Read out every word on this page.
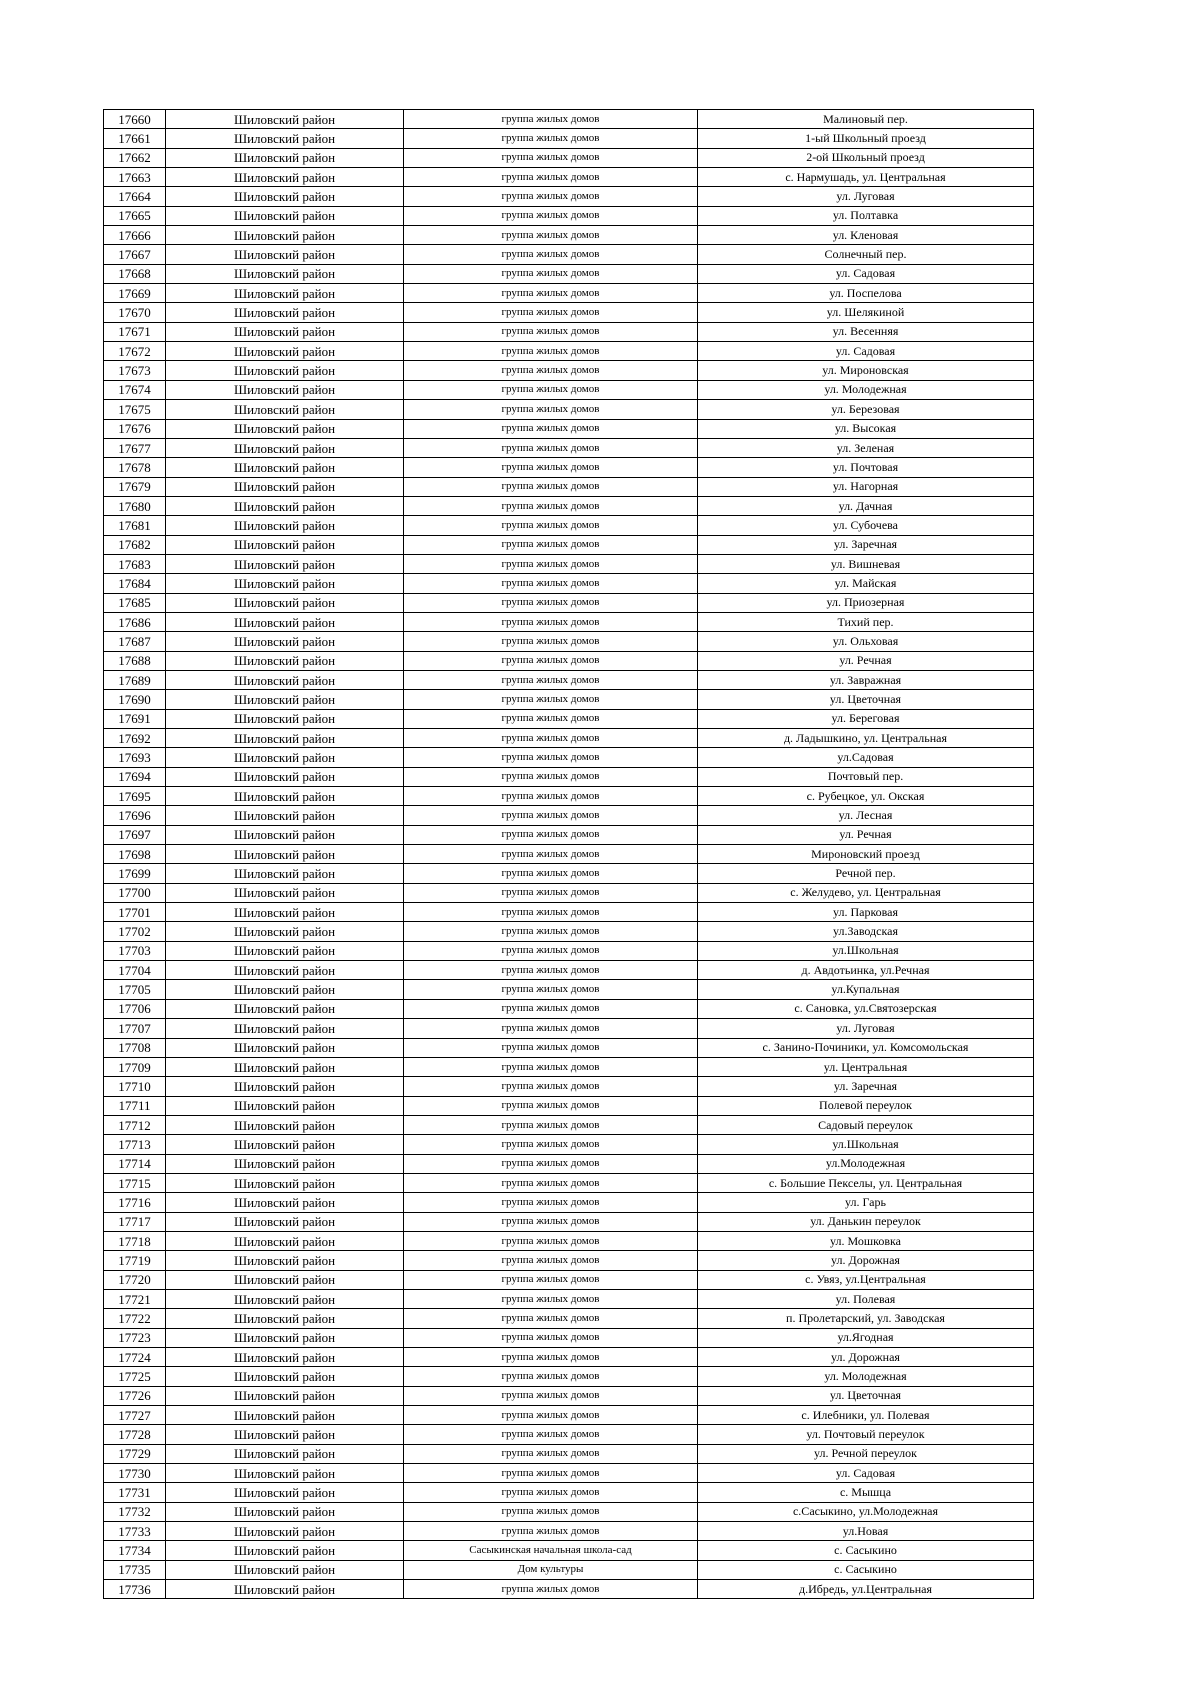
17660	Шиловский район	группа жилых домов	Малиновый пер.
17661	Шиловский район	группа жилых домов	1-ый Школьный проезд
17662	Шиловский район	группа жилых домов	2-ой Школьный проезд
17663	Шиловский район	группа жилых домов	с. Нармушадь, ул. Центральная
17664	Шиловский район	группа жилых домов	ул. Луговая
17665	Шиловский район	группа жилых домов	ул. Полтавка
17666	Шиловский район	группа жилых домов	ул. Кленовая
17667	Шиловский район	группа жилых домов	Солнечный пер.
17668	Шиловский район	группа жилых домов	ул. Садовая
17669	Шиловский район	группа жилых домов	ул. Поспелова
17670	Шиловский район	группа жилых домов	ул. Шелякиной
17671	Шиловский район	группа жилых домов	ул. Весенняя
17672	Шиловский район	группа жилых домов	ул. Садовая
17673	Шиловский район	группа жилых домов	ул. Мироновская
17674	Шиловский район	группа жилых домов	ул. Молодежная
17675	Шиловский район	группа жилых домов	ул. Березовая
17676	Шиловский район	группа жилых домов	ул. Высокая
17677	Шиловский район	группа жилых домов	ул. Зеленая
17678	Шиловский район	группа жилых домов	ул. Почтовая
17679	Шиловский район	группа жилых домов	ул. Нагорная
17680	Шиловский район	группа жилых домов	ул. Дачная
17681	Шиловский район	группа жилых домов	ул. Субочева
17682	Шиловский район	группа жилых домов	ул. Заречная
17683	Шиловский район	группа жилых домов	ул. Вишневая
17684	Шиловский район	группа жилых домов	ул. Майская
17685	Шиловский район	группа жилых домов	ул. Приозерная
17686	Шиловский район	группа жилых домов	Тихий пер.
17687	Шиловский район	группа жилых домов	ул. Ольховая
17688	Шиловский район	группа жилых домов	ул. Речная
17689	Шиловский район	группа жилых домов	ул. Завражная
17690	Шиловский район	группа жилых домов	ул. Цветочная
17691	Шиловский район	группа жилых домов	ул. Береговая
17692	Шиловский район	группа жилых домов	д. Ладышкино, ул. Центральная
17693	Шиловский район	группа жилых домов	ул.Садовая
17694	Шиловский район	группа жилых домов	Почтовый пер.
17695	Шиловский район	группа жилых домов	с. Рубецкое, ул. Окская
17696	Шиловский район	группа жилых домов	ул. Лесная
17697	Шиловский район	группа жилых домов	ул. Речная
17698	Шиловский район	группа жилых домов	Мироновский проезд
17699	Шиловский район	группа жилых домов	Речной пер.
17700	Шиловский район	группа жилых домов	с. Желудево, ул. Центральная
17701	Шиловский район	группа жилых домов	ул. Парковая
17702	Шиловский район	группа жилых домов	ул.Заводская
17703	Шиловский район	группа жилых домов	ул.Школьная
17704	Шиловский район	группа жилых домов	д. Авдотьинка, ул.Речная
17705	Шиловский район	группа жилых домов	ул.Купальная
17706	Шиловский район	группа жилых домов	с. Сановка, ул.Святозерская
17707	Шиловский район	группа жилых домов	ул. Луговая
17708	Шиловский район	группа жилых домов	с. Занино-Починики, ул. Комсомольская
17709	Шиловский район	группа жилых домов	ул. Центральная
17710	Шиловский район	группа жилых домов	ул. Заречная
17711	Шиловский район	группа жилых домов	Полевой переулок
17712	Шиловский район	группа жилых домов	Садовый переулок
17713	Шиловский район	группа жилых домов	ул.Школьная
17714	Шиловский район	группа жилых домов	ул.Молодежная
17715	Шиловский район	группа жилых домов	с. Большие Пекселы, ул. Центральная
17716	Шиловский район	группа жилых домов	ул. Гарь
17717	Шиловский район	группа жилых домов	ул. Данькин переулок
17718	Шиловский район	группа жилых домов	ул. Мошковка
17719	Шиловский район	группа жилых домов	ул. Дорожная
17720	Шиловский район	группа жилых домов	с. Увяз, ул.Центральная
17721	Шиловский район	группа жилых домов	ул. Полевая
17722	Шиловский район	группа жилых домов	п. Пролетарский, ул. Заводская
17723	Шиловский район	группа жилых домов	ул.Ягодная
17724	Шиловский район	группа жилых домов	ул. Дорожная
17725	Шиловский район	группа жилых домов	ул. Молодежная
17726	Шиловский район	группа жилых домов	ул. Цветочная
17727	Шиловский район	группа жилых домов	с. Илебники, ул. Полевая
17728	Шиловский район	группа жилых домов	ул. Почтовый переулок
17729	Шиловский район	группа жилых домов	ул. Речной переулок
17730	Шиловский район	группа жилых домов	ул. Садовая
17731	Шиловский район	группа жилых домов	с. Мышца
17732	Шиловский район	группа жилых домов	с.Сасыкино, ул.Молодежная
17733	Шиловский район	группа жилых домов	ул.Новая
17734	Шиловский район	Сасыкинская начальная школа-сад	с. Сасыкино
17735	Шиловский район	Дом культуры	с. Сасыкино
17736	Шиловский район	группа жилых домов	д.Ибредь, ул.Центральная
